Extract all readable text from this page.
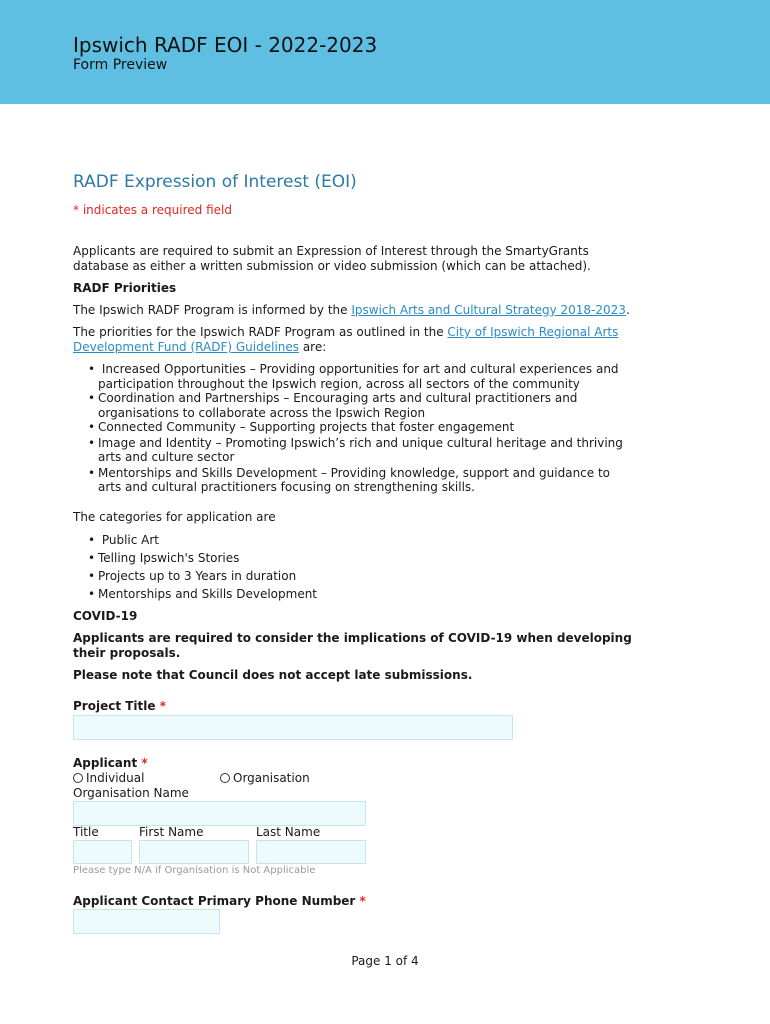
Ipswich RADF EOI - 2022-2023
Form Preview
RADF Expression of Interest (EOI)
* indicates a required field
Applicants are required to submit an Expression of Interest through the SmartyGrants
database as either a written submission or video submission (which can be attached).
RADF Priorities
The Ipswich RADF Program is informed by the Ipswich Arts and Cultural Strategy 2018-2023.
The priorities for the Ipswich RADF Program as outlined in the City of Ipswich Regional Arts
Development Fund (RADF) Guidelines are:
• Increased Opportunities – Providing opportunities for art and cultural experiences and
participation throughout the Ipswich region, across all sectors of the community
• Coordination and Partnerships – Encouraging arts and cultural practitioners and
organisations to collaborate across the Ipswich Region
• Connected Community – Supporting projects that foster engagement
• Image and Identity – Promoting Ipswich’s rich and unique cultural heritage and thriving
arts and culture sector
• Mentorships and Skills Development – Providing knowledge, support and guidance to
arts and cultural practitioners focusing on strengthening skills.
The categories for application are
• Public Art
• Telling Ipswich's Stories
• Projects up to 3 Years in duration
• Mentorships and Skills Development
COVID-19
Applicants are required to consider the implications of COVID-19 when developing
their proposals.
Please note that Council does not accept late submissions.
Project Title *
Applicant *
Individual	Organisation
Organisation Name
Title	First Name	Last Name
Please type N/A if Organisation is Not Applicable
Applicant Contact Primary Phone Number *
Page 1 of 4
